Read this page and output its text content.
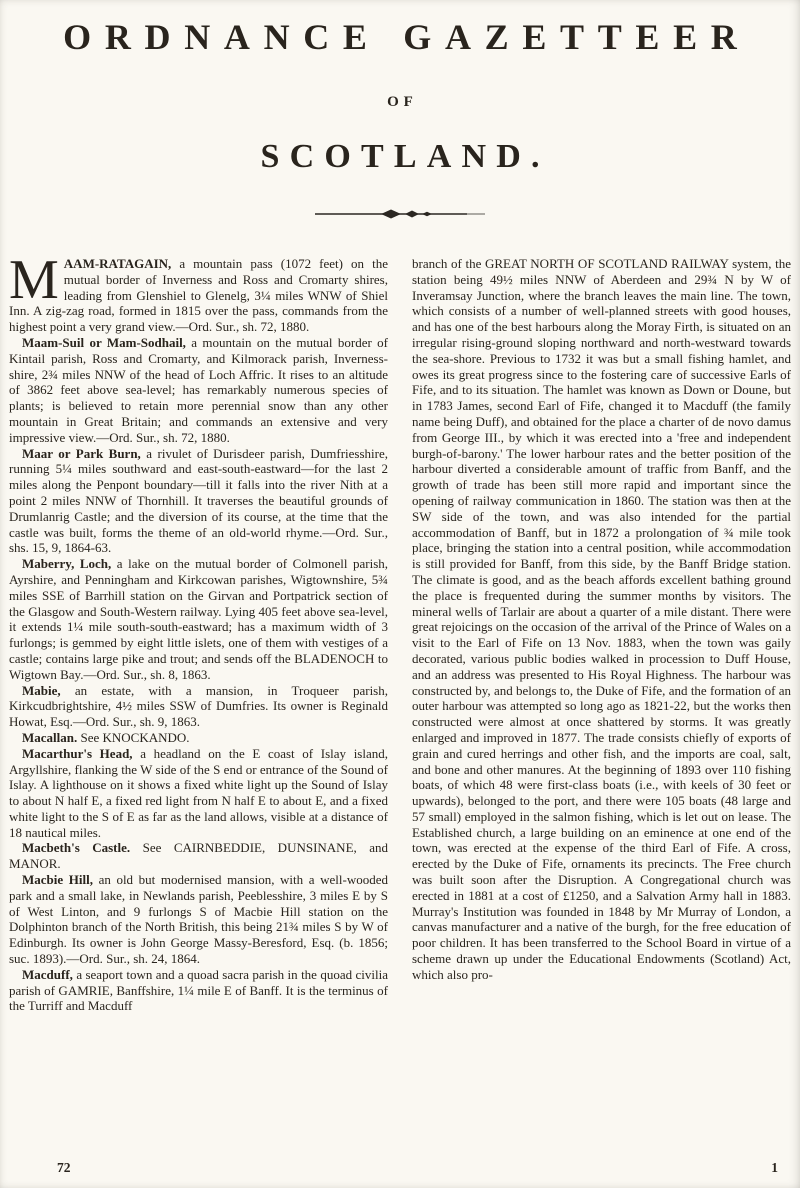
ORDNANCE GAZETTEER
OF
SCOTLAND.

MAAM-RATAGAIN, a mountain pass (1072 feet) on the mutual border of Inverness and Ross and Cromarty shires, leading from Glenshiel to Glenelg, 3¼ miles WNW of Shiel Inn. A zig-zag road, formed in 1815 over the pass, commands from the highest point a very grand view.—Ord. Sur., sh. 72, 1880.

Maam-Suil or Mam-Sodhail, a mountain on the mutual border of Kintail parish, Ross and Cromarty, and Kilmorack parish, Inverness-shire, 2¾ miles NNW of the head of Loch Affric. It rises to an altitude of 3862 feet above sea-level; has remarkably numerous species of plants; is believed to retain more perennial snow than any other mountain in Great Britain; and commands an extensive and very impressive view.—Ord. Sur., sh. 72, 1880.

Maar or Park Burn, a rivulet of Durisdeer parish, Dumfriesshire, running 5¼ miles southward and east-south-eastward—for the last 2 miles along the Penpont boundary—till it falls into the river Nith at a point 2 miles NNW of Thornhill. It traverses the beautiful grounds of Drumlanrig Castle; and the diversion of its course, at the time that the castle was built, forms the theme of an old-world rhyme.—Ord. Sur., shs. 15, 9, 1864-63.

Maberry, Loch, a lake on the mutual border of Colmonell parish, Ayrshire, and Penningham and Kirkcowan parishes, Wigtownshire, 5¾ miles SSE of Barrhill station on the Girvan and Portpatrick section of the Glasgow and South-Western railway. Lying 405 feet above sea-level, it extends 1¼ mile south-south-eastward; has a maximum width of 3 furlongs; is gemmed by eight little islets, one of them with vestiges of a castle; contains large pike and trout; and sends off the BLADENOCH to Wigtown Bay.—Ord. Sur., sh. 8, 1863.

Mabie, an estate, with a mansion, in Troqueer parish, Kirkcudbrightshire, 4½ miles SSW of Dumfries. Its owner is Reginald Howat, Esq.—Ord. Sur., sh. 9, 1863.

Macallan. See KNOCKANDO.

Macarthur's Head, a headland on the E coast of Islay island, Argyllshire, flanking the W side of the S end or entrance of the Sound of Islay. A lighthouse on it shows a fixed white light up the Sound of Islay to about N half E, a fixed red light from N half E to about E, and a fixed white light to the S of E as far as the land allows, visible at a distance of 18 nautical miles.

Macbeth's Castle. See CAIRNBEDDIE, DUNSINANE, and MANOR.

Macbie Hill, an old but modernised mansion, with a well-wooded park and a small lake, in Newlands parish, Peeblesshire, 3 miles E by S of West Linton, and 9 furlongs S of Macbie Hill station on the Dolphinton branch of the North British, this being 21¾ miles S by W of Edinburgh. Its owner is John George Massy-Beresford, Esq. (b. 1856; suc. 1893).—Ord. Sur., sh. 24, 1864.

Macduff, a seaport town and a quoad sacra parish in the quoad civilia parish of GAMRIE, Banffshire, 1¼ mile E of Banff. It is the terminus of the Turriff and Macduff

branch of the GREAT NORTH OF SCOTLAND RAILWAY system, the station being 49½ miles NNW of Aberdeen and 29¾ N by W of Inveramsay Junction, where the branch leaves the main line. The town, which consists of a number of well-planned streets with good houses, and has one of the best harbours along the Moray Firth, is situated on an irregular rising-ground sloping northward and north-westward towards the sea-shore. Previous to 1732 it was but a small fishing hamlet, and owes its great progress since to the fostering care of successive Earls of Fife, and to its situation. The hamlet was known as Down or Doune, but in 1783 James, second Earl of Fife, changed it to Macduff (the family name being Duff), and obtained for the place a charter of de novo damus from George III., by which it was erected into a 'free and independent burgh-of-barony.' The lower harbour rates and the better position of the harbour diverted a considerable amount of traffic from Banff, and the growth of trade has been still more rapid and important since the opening of railway communication in 1860. The station was then at the SW side of the town, and was also intended for the partial accommodation of Banff, but in 1872 a prolongation of ¾ mile took place, bringing the station into a central position, while accommodation is still provided for Banff, from this side, by the Banff Bridge station. The climate is good, and as the beach affords excellent bathing ground the place is frequented during the summer months by visitors. The mineral wells of Tarlair are about a quarter of a mile distant. There were great rejoicings on the occasion of the arrival of the Prince of Wales on a visit to the Earl of Fife on 13 Nov. 1883, when the town was gaily decorated, various public bodies walked in procession to Duff House, and an address was presented to His Royal Highness. The harbour was constructed by, and belongs to, the Duke of Fife, and the formation of an outer harbour was attempted so long ago as 1821-22, but the works then constructed were almost at once shattered by storms. It was greatly enlarged and improved in 1877. The trade consists chiefly of exports of grain and cured herrings and other fish, and the imports are coal, salt, and bone and other manures. At the beginning of 1893 over 110 fishing boats, of which 48 were first-class boats (i.e., with keels of 30 feet or upwards), belonged to the port, and there were 105 boats (48 large and 57 small) employed in the salmon fishing, which is let out on lease. The Established church, a large building on an eminence at one end of the town, was erected at the expense of the third Earl of Fife. A cross, erected by the Duke of Fife, ornaments its precincts. The Free church was built soon after the Disruption. A Congregational church was erected in 1881 at a cost of £1250, and a Salvation Army hall in 1883. Murray's Institution was founded in 1848 by Mr Murray of London, a canvas manufacturer and a native of the burgh, for the free education of poor children. It has been transferred to the School Board in virtue of a scheme drawn up under the Educational Endowments (Scotland) Act, which also pro-

72	1
